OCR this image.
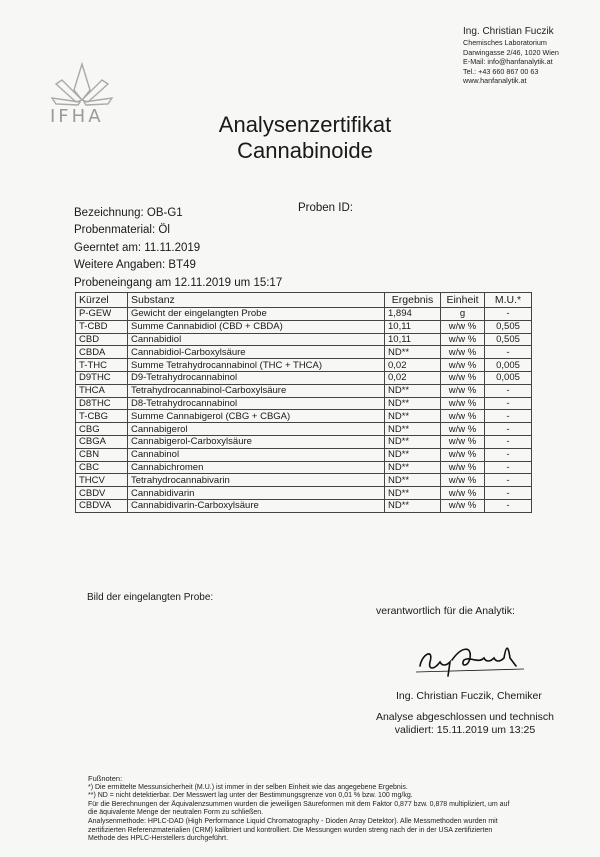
IFHA
Ing. Christian Fuczik
Chemisches Laboratorium
Darwingasse 2/46, 1020 Wien
E-Mail: info@hanfanalytik.at
Tel.: +43 660 867 00 63
www.hanfanalytik.at
Analysenzertifikat
Cannabinoide
Bezeichnung: OB-G1
Probenmaterial: Öl
Geerntet am: 11.11.2019
Weitere Angaben: BT49
Probeneingang am 12.11.2019 um 15:17
Proben ID:
Kürzel	Substanz	Ergebnis	Einheit	M.U.*
P-GEW	Gewicht der eingelangten Probe	1,894	g	-
T-CBD	Summe Cannabidiol (CBD + CBDA)	10,11	w/w %	0,505
CBD	Cannabidiol	10,11	w/w %	0,505
CBDA	Cannabidiol-Carboxylsäure	ND**	w/w %	-
T-THC	Summe Tetrahydrocannabinol (THC + THCA)	0,02	w/w %	0,005
D9THC	D9-Tetrahydrocannabinol	0,02	w/w %	0,005
THCA	Tetrahydrocannabinol-Carboxylsäure	ND**	w/w %	-
D8THC	D8-Tetrahydrocannabinol	ND**	w/w %	-
T-CBG	Summe Cannabigerol (CBG + CBGA)	ND**	w/w %	-
CBG	Cannabigerol	ND**	w/w %	-
CBGA	Cannabigerol-Carboxylsäure	ND**	w/w %	-
CBN	Cannabinol	ND**	w/w %	-
CBC	Cannabichromen	ND**	w/w %	-
THCV	Tetrahydrocannabivarin	ND**	w/w %	-
CBDV	Cannabidivarin	ND**	w/w %	-
CBDVA	Cannabidivarin-Carboxylsäure	ND**	w/w %	-
Bild der eingelangten Probe:
verantwortlich für die Analytik:
Ing. Christian Fuczik, Chemiker
Analyse abgeschlossen und technisch
validiert: 15.11.2019 um 13:25
Fußnoten:
*) Die ermittelte Messunsicherheit (M.U.) ist immer in der selben Einheit wie das angegebene Ergebnis.
**) ND = nicht detektierbar. Der Messwert lag unter der Bestimmungsgrenze von 0,01 % bzw. 100 mg/kg.
Für die Berechnungen der Äquivalenzsummen wurden die jeweiligen Säureformen mit dem Faktor 0,877 bzw. 0,878 multipliziert, um auf
die äquivalente Menge der neutralen Form zu schließen.
Analysenmethode: HPLC-DAD (High Performance Liquid Chromatography - Dioden Array Detektor). Alle Messmethoden wurden mit
zertifizierten Referenzmaterialien (CRM) kalibriert und kontrolliert. Die Messungen wurden streng nach der in der USA zertifizierten
Methode des HPLC-Herstellers durchgeführt.
